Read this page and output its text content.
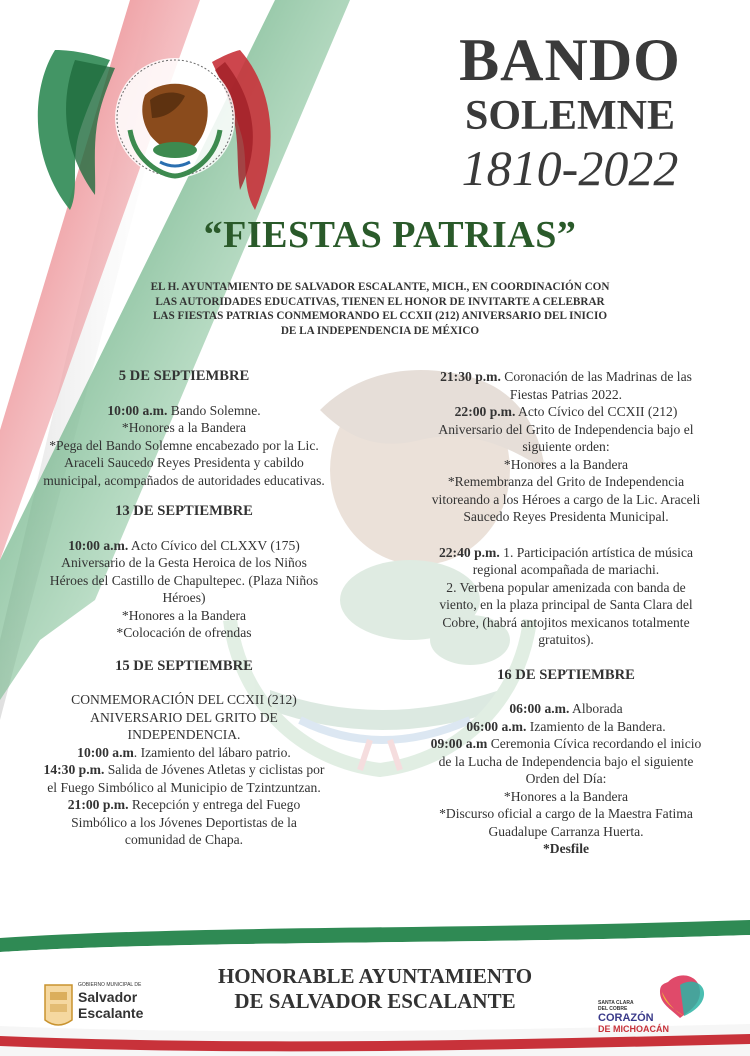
BANDO
SOLEMNE
1810-2022
“FIESTAS PATRIAS”
EL H. AYUNTAMIENTO DE SALVADOR ESCALANTE, MICH., EN COORDINACIÓN CON
LAS AUTORIDADES EDUCATIVAS, TIENEN EL HONOR DE INVITARTE A CELEBRAR
LAS FIESTAS PATRIAS CONMEMORANDO EL CCXII (212) ANIVERSARIO DEL INICIO
DE LA INDEPENDENCIA DE MÉXICO
5 DE SEPTIEMBRE
10:00 a.m. Bando Solemne.
*Honores a la Bandera
*Pega del Bando Solemne encabezado por la Lic.
Araceli Saucedo Reyes Presidenta y cabildo
municipal, acompañados de autoridades educativas.
13 DE SEPTIEMBRE
10:00 a.m. Acto Cívico del CLXXV (175)
Aniversario de la Gesta Heroica de los Niños
Héroes del Castillo de Chapultepec. (Plaza Niños
Héroes)
*Honores a la Bandera
*Colocación de ofrendas
15 DE SEPTIEMBRE
CONMEMORACIÓN DEL CCXII (212)
ANIVERSARIO DEL GRITO DE
INDEPENDENCIA.
10:00 a.m. Izamiento del lábaro patrio.
14:30 p.m. Salida de Jóvenes Atletas y ciclistas por
el Fuego Simbólico al Municipio de Tzintzuntzan.
21:00 p.m. Recepción y entrega del Fuego
Simbólico a los Jóvenes Deportistas de la
comunidad de Chapa.
21:30 p.m. Coronación de las Madrinas de las
Fiestas Patrias 2022.
22:00 p.m. Acto Cívico del CCXII (212)
Aniversario del Grito de Independencia bajo el
siguiente orden:
*Honores a la Bandera
*Remembranza del Grito de Independencia
vitoreando a los Héroes a cargo de la Lic. Araceli
Saucedo Reyes Presidenta Municipal.
22:40 p.m. 1. Participación artística de música
regional acompañada de mariachi.
2. Verbena popular amenizada con banda de
viento, en la plaza principal de Santa Clara del
Cobre, (habrá antojitos mexicanos totalmente
gratuitos).
16 DE SEPTIEMBRE
06:00 a.m. Alborada
06:00 a.m. Izamiento de la Bandera.
09:00 a.m Ceremonia Cívica recordando el inicio
de la Lucha de Independencia bajo el siguiente
Orden del Día:
*Honores a la Bandera
*Discurso oficial a cargo de la Maestra Fatima
Guadalupe Carranza Huerta.
*Desfile
HONORABLE AYUNTAMIENTO
DE SALVADOR ESCALANTE
GOBIERNO MUNICIPAL DE
Salvador
Escalante
SANTA CLARA
DEL COBRE
CORAZÓN
DE MICHOACÁN
